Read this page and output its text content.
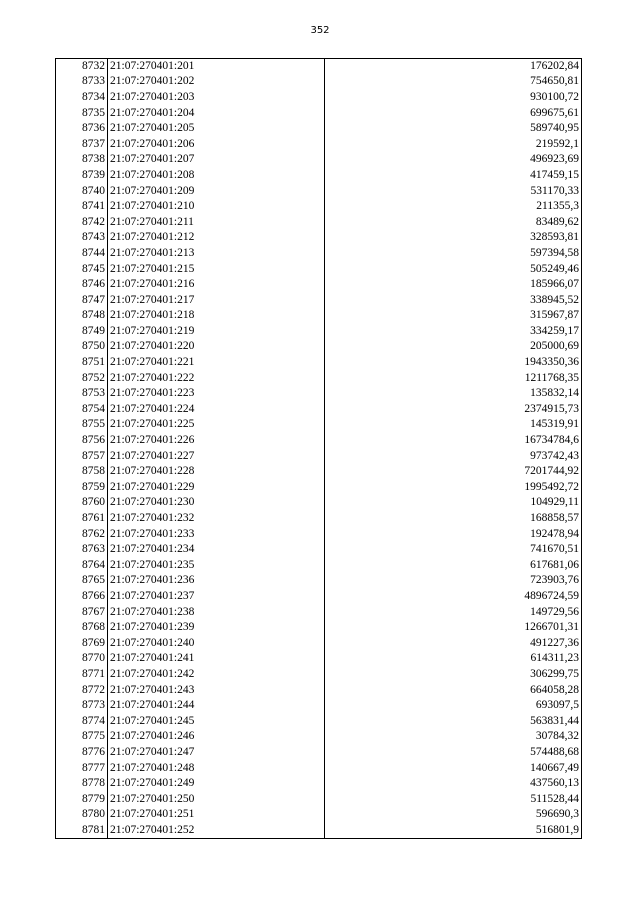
352
8732	21:07:270401:201	176202,84
8733	21:07:270401:202	754650,81
8734	21:07:270401:203	930100,72
8735	21:07:270401:204	699675,61
8736	21:07:270401:205	589740,95
8737	21:07:270401:206	219592,1
8738	21:07:270401:207	496923,69
8739	21:07:270401:208	417459,15
8740	21:07:270401:209	531170,33
8741	21:07:270401:210	211355,3
8742	21:07:270401:211	83489,62
8743	21:07:270401:212	328593,81
8744	21:07:270401:213	597394,58
8745	21:07:270401:215	505249,46
8746	21:07:270401:216	185966,07
8747	21:07:270401:217	338945,52
8748	21:07:270401:218	315967,87
8749	21:07:270401:219	334259,17
8750	21:07:270401:220	205000,69
8751	21:07:270401:221	1943350,36
8752	21:07:270401:222	1211768,35
8753	21:07:270401:223	135832,14
8754	21:07:270401:224	2374915,73
8755	21:07:270401:225	145319,91
8756	21:07:270401:226	16734784,6
8757	21:07:270401:227	973742,43
8758	21:07:270401:228	7201744,92
8759	21:07:270401:229	1995492,72
8760	21:07:270401:230	104929,11
8761	21:07:270401:232	168858,57
8762	21:07:270401:233	192478,94
8763	21:07:270401:234	741670,51
8764	21:07:270401:235	617681,06
8765	21:07:270401:236	723903,76
8766	21:07:270401:237	4896724,59
8767	21:07:270401:238	149729,56
8768	21:07:270401:239	1266701,31
8769	21:07:270401:240	491227,36
8770	21:07:270401:241	614311,23
8771	21:07:270401:242	306299,75
8772	21:07:270401:243	664058,28
8773	21:07:270401:244	693097,5
8774	21:07:270401:245	563831,44
8775	21:07:270401:246	30784,32
8776	21:07:270401:247	574488,68
8777	21:07:270401:248	140667,49
8778	21:07:270401:249	437560,13
8779	21:07:270401:250	511528,44
8780	21:07:270401:251	596690,3
8781	21:07:270401:252	516801,9
